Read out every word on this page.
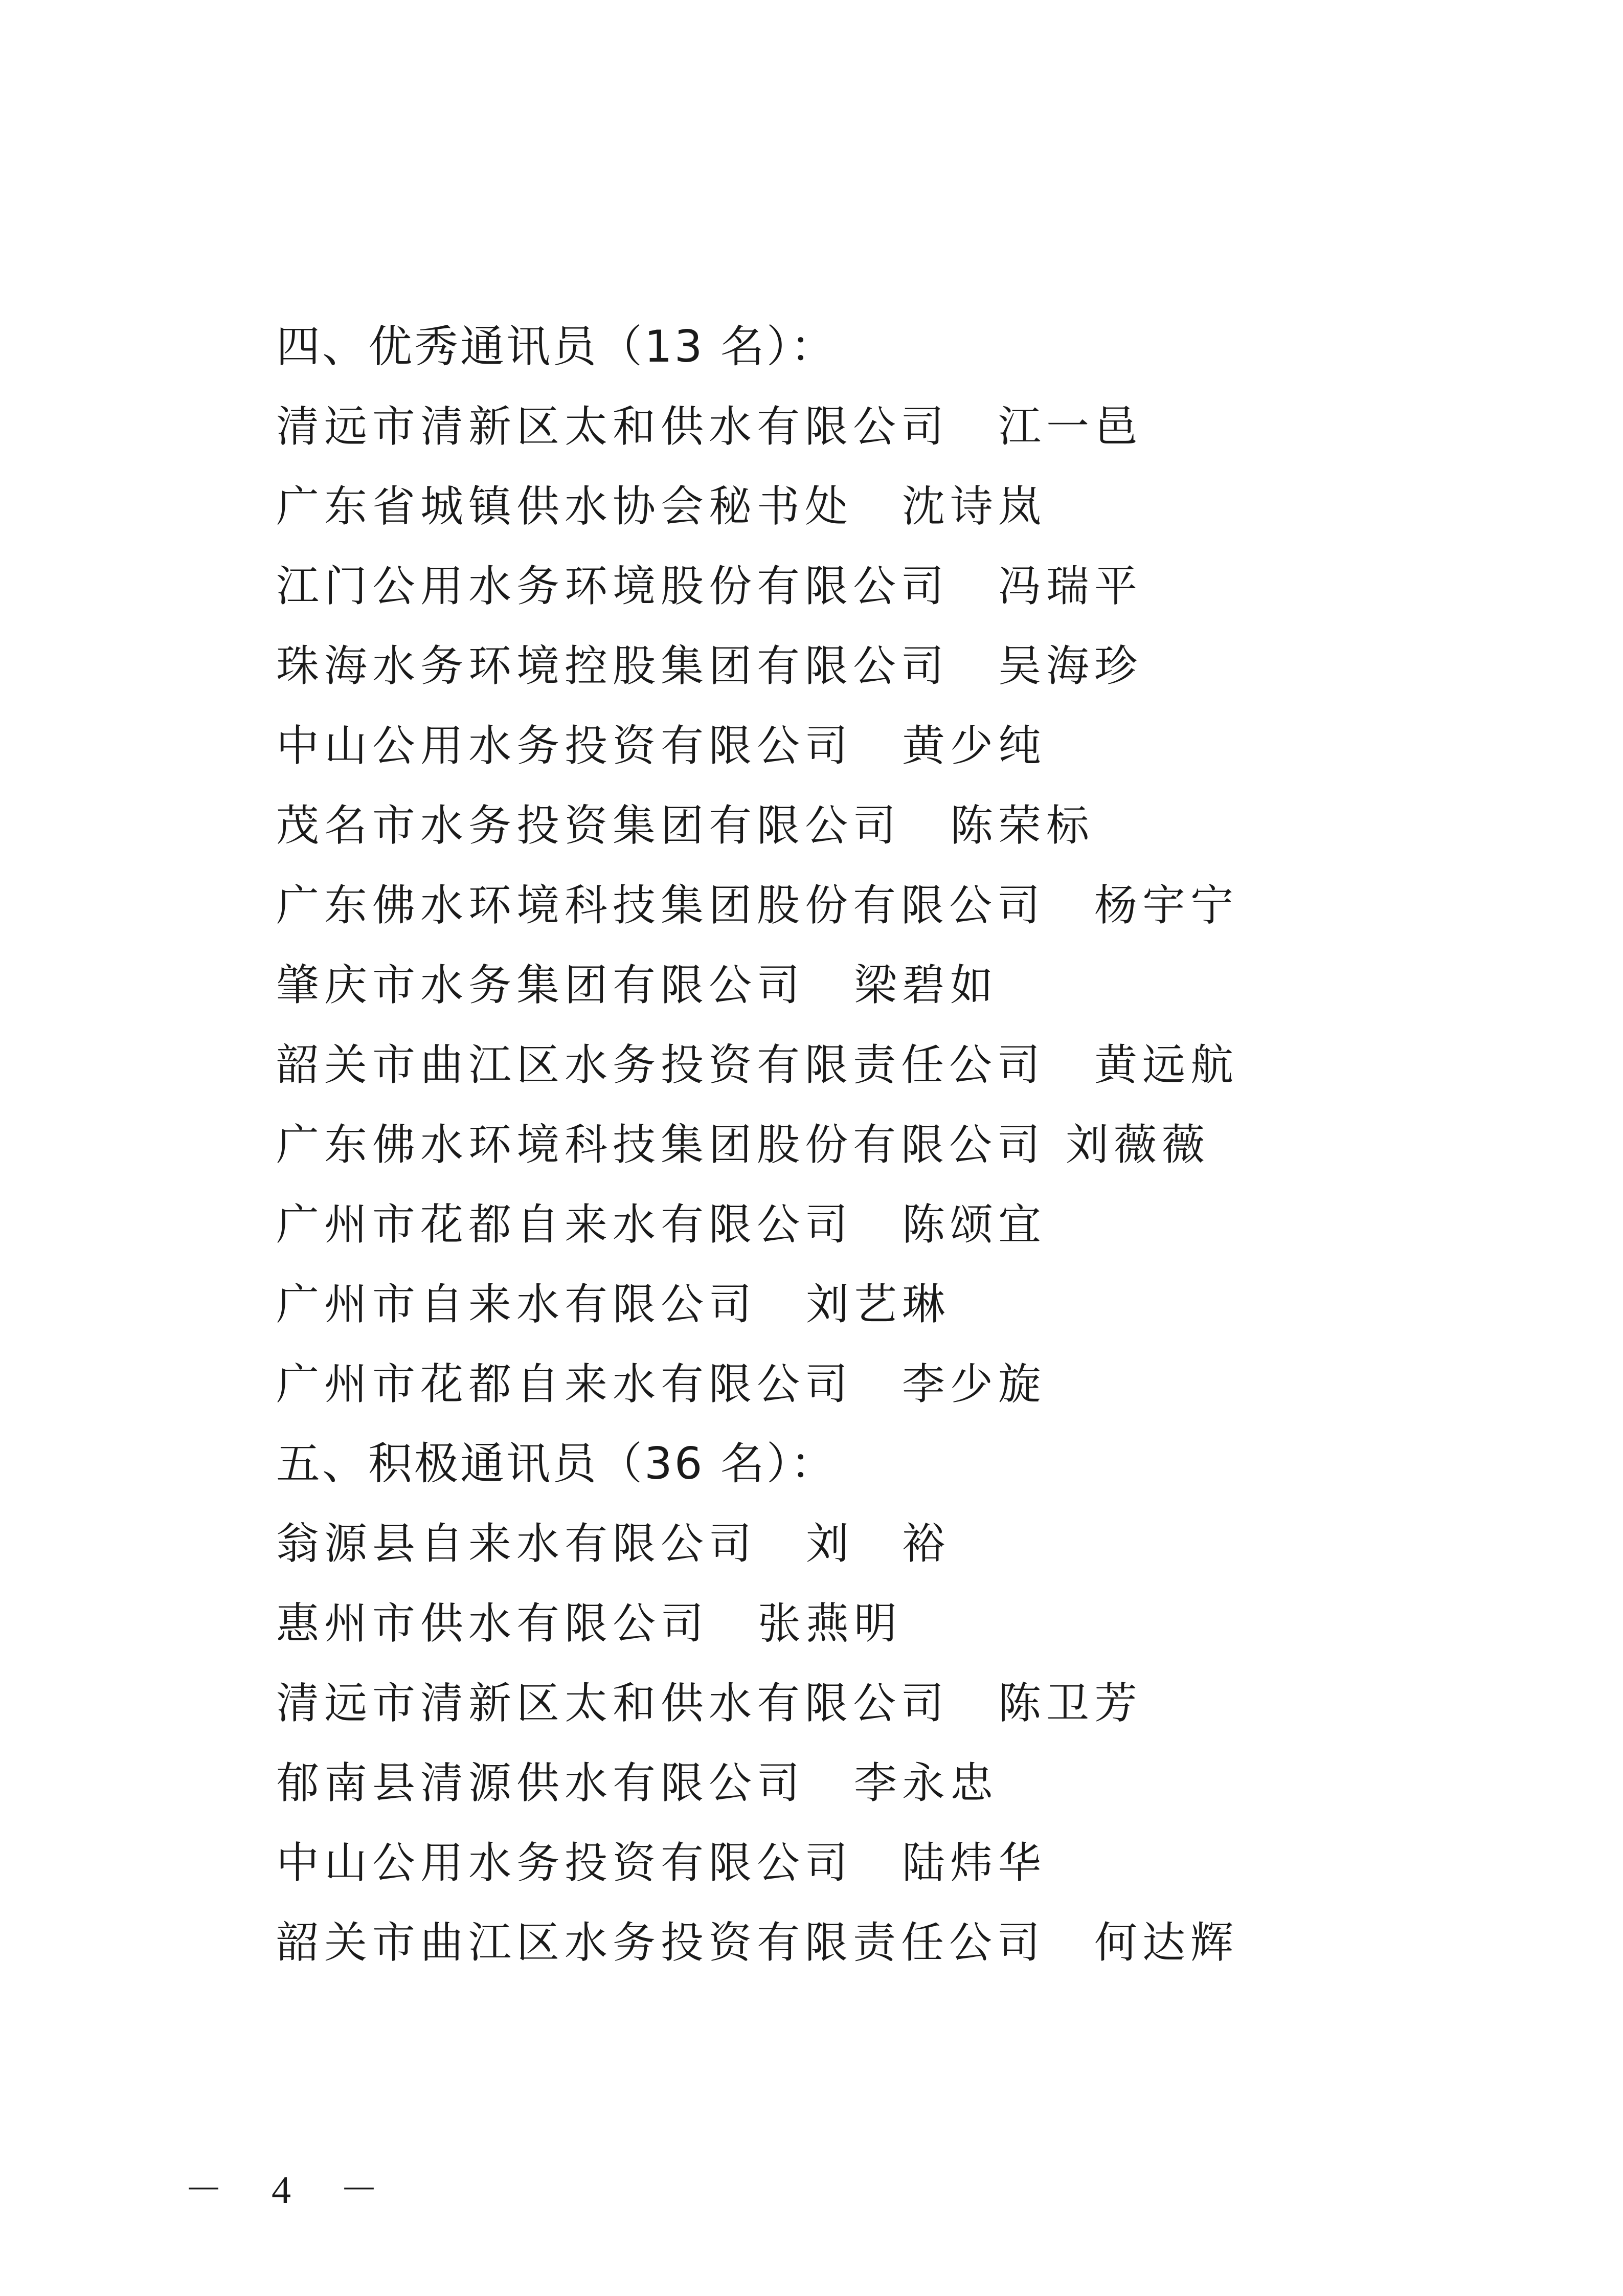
四、优秀通讯员（13 名）：
清远市清新区太和供水有限公司 江一邑
广东省城镇供水协会秘书处 沈诗岚
江门公用水务环境股份有限公司 冯瑞平
珠海水务环境控股集团有限公司 吴海珍
中山公用水务投资有限公司 黄少纯
茂名市水务投资集团有限公司 陈荣标
广东佛水环境科技集团股份有限公司 杨宇宁
肇庆市水务集团有限公司 梁碧如
韶关市曲江区水务投资有限责任公司 黄远航
广东佛水环境科技集团股份有限公司 刘薇薇
广州市花都自来水有限公司 陈颂宜
广州市自来水有限公司 刘艺琳
广州市花都自来水有限公司 李少旋
五、积极通讯员（36 名）：
翁源县自来水有限公司 刘　裕
惠州市供水有限公司 张燕明
清远市清新区太和供水有限公司 陈卫芳
郁南县清源供水有限公司 李永忠
中山公用水务投资有限公司 陆炜华
韶关市曲江区水务投资有限责任公司 何达辉
－ 4 －
